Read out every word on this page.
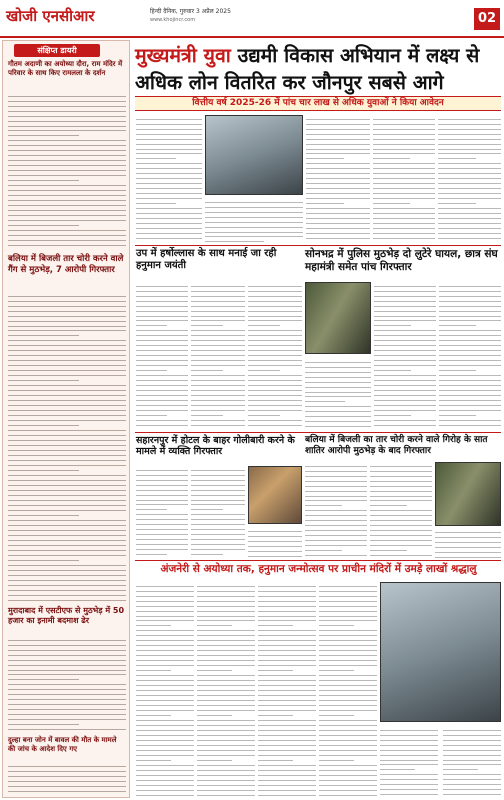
खोजी एनसीआर	हिन्दी दैनिक, गुरुवार 3 अप्रैल 2025
www.khojincr.com	02
संक्षिप्त डायरी
गौतम अदाणी का अयोध्या दौरा, राम मंदिर में परिवार के साथ किए रामलला के दर्शन
बलिया में बिजली तार चोरी करने वाले गैंग से मुठभेड़, 7 आरोपी गिरफ्तार
मुरादाबाद में एसटीएफ से मुठभेड़ में 50 हजार का इनामी बदमाश ढेर
दुल्हा बना जोन में बावल की मौत के मामले की जांच के आदेश दिए गए
मुख्यमंत्री युवा उद्यमी विकास अभियान में लक्ष्य से अधिक लोन वितरित कर जौनपुर सबसे आगे
वित्तीय वर्ष 2025-26 में पांच चार लाख से अधिक युवाओं ने किया आवेदन
उप में हर्षोल्लास के साथ मनाई जा रही हनुमान जयंती
सोनभद्र में पुलिस मुठभेड़ दो लुटेरे घायल, छात्र संघ महामंत्री समेत पांच गिरफ्तार
सहारनपुर में होटल के बाहर गोलीबारी करने के मामले में व्यक्ति गिरफ्तार
बलिया में बिजली का तार चोरी करने वाले गिरोह के सात शातिर आरोपी मुठभेड़ के बाद गिरफ्तार
अंजनेरी से अयोध्या तक, हनुमान जन्मोत्सव पर प्राचीन मंदिरों में उमड़े लाखों श्रद्धालु
